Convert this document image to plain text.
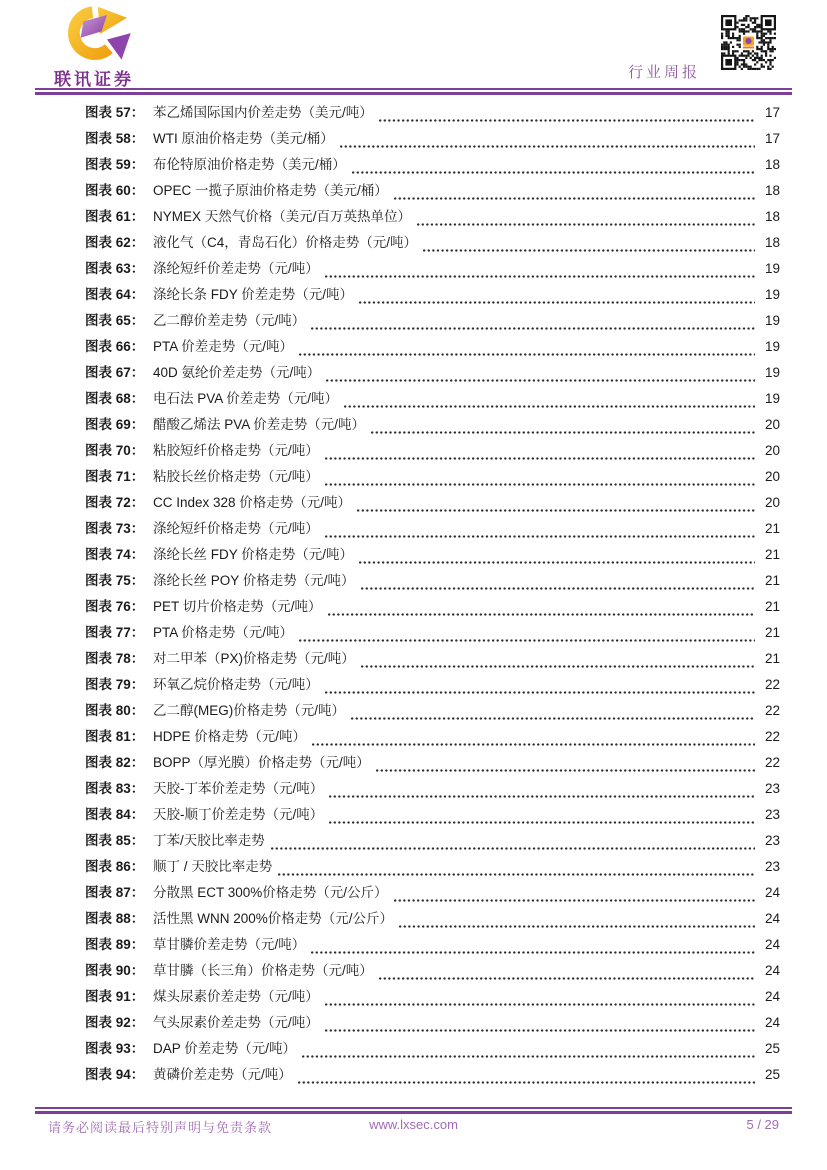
联讯证券	行业周报
图表 57： 苯乙烯国际国内价差走势（美元/吨）	17
图表 58： WTI 原油价格走势（美元/桶）	17
图表 59： 布伦特原油价格走势（美元/桶）	18
图表 60： OPEC 一揽子原油价格走势（美元/桶）	18
图表 61： NYMEX 天然气价格（美元/百万英热单位）	18
图表 62： 液化气（C4，青岛石化）价格走势（元/吨）	18
图表 63： 涤纶短纤价差走势（元/吨）	19
图表 64： 涤纶长条 FDY 价差走势（元/吨）	19
图表 65： 乙二醇价差走势（元/吨）	19
图表 66： PTA 价差走势（元/吨）	19
图表 67： 40D 氨纶价差走势（元/吨）	19
图表 68： 电石法 PVA 价差走势（元/吨）	19
图表 69： 醋酸乙烯法 PVA 价差走势（元/吨）	20
图表 70： 粘胶短纤价格走势（元/吨）	20
图表 71： 粘胶长丝价格走势（元/吨）	20
图表 72： CC Index 328 价格走势（元/吨）	20
图表 73： 涤纶短纤价格走势（元/吨）	21
图表 74： 涤纶长丝 FDY 价格走势（元/吨）	21
图表 75： 涤纶长丝 POY 价格走势（元/吨）	21
图表 76： PET 切片价格走势（元/吨）	21
图表 77： PTA 价格走势（元/吨）	21
图表 78： 对二甲苯（PX)价格走势（元/吨）	21
图表 79： 环氧乙烷价格走势（元/吨）	22
图表 80： 乙二醇(MEG)价格走势（元/吨）	22
图表 81： HDPE 价格走势（元/吨）	22
图表 82： BOPP（厚光膜）价格走势（元/吨）	22
图表 83： 天胶-丁苯价差走势（元/吨）	23
图表 84： 天胶-顺丁价差走势（元/吨）	23
图表 85： 丁苯/天胶比率走势	23
图表 86： 顺丁 / 天胶比率走势	23
图表 87： 分散黑 ECT 300%价格走势（元/公斤）	24
图表 88： 活性黑 WNN 200%价格走势（元/公斤）	24
图表 89： 草甘膦价差走势（元/吨）	24
图表 90： 草甘膦（长三角）价格走势（元/吨）	24
图表 91： 煤头尿素价差走势（元/吨）	24
图表 92： 气头尿素价差走势（元/吨）	24
图表 93： DAP 价差走势（元/吨）	25
图表 94： 黄磷价差走势（元/吨）	25
请务必阅读最后特别声明与免责条款	www.lxsec.com	5 / 29
